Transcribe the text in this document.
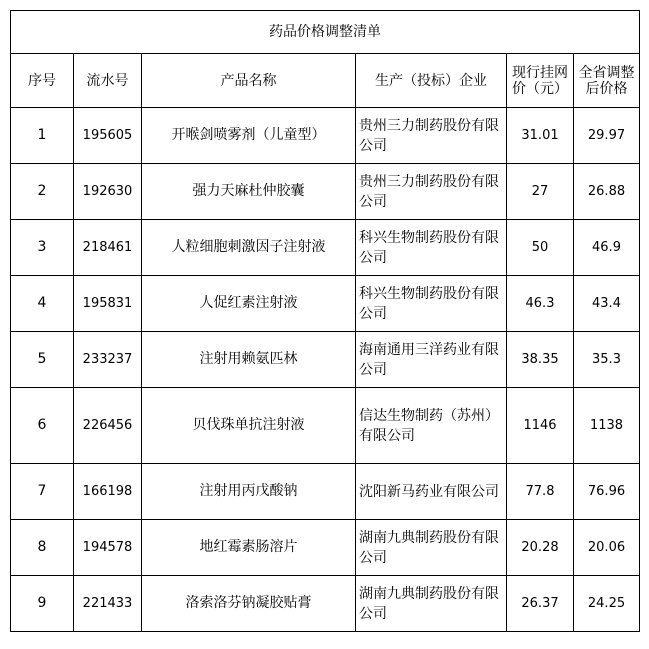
药品价格调整清单					
序号	流水号	产品名称	生产（投标）企业	现行挂网价（元）	全省调整后价格
1	195605	开喉剑喷雾剂（儿童型）	贵州三力制药股份有限公司	31.01	29.97
2	192630	强力天麻杜仲胶囊	贵州三力制药股份有限公司	27	26.88
3	218461	人粒细胞刺激因子注射液	科兴生物制药股份有限公司	50	46.9
4	195831	人促红素注射液	科兴生物制药股份有限公司	46.3	43.4
5	233237	注射用赖氨匹林	海南通用三洋药业有限公司	38.35	35.3
6	226456	贝伐珠单抗注射液	信达生物制药（苏州）有限公司	1146	1138
7	166198	注射用丙戊酸钠	沈阳新马药业有限公司	77.8	76.96
8	194578	地红霉素肠溶片	湖南九典制药股份有限公司	20.28	20.06
9	221433	洛索洛芬钠凝胶贴膏	湖南九典制药股份有限公司	26.37	24.25
